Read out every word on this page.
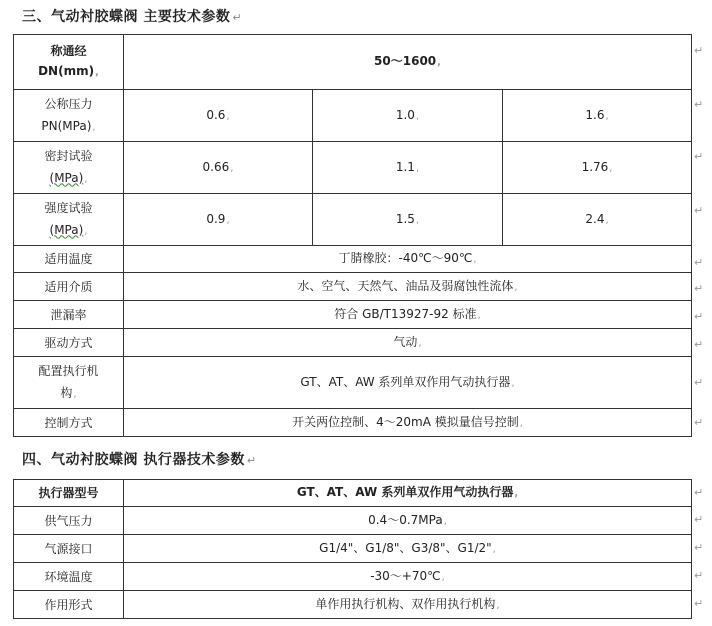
三、气动衬胶蝶阀 主要技术参数 ↵
称通经
DN(mm),	50～1600,		
公称压力
PN(MPa),	0.6,	1.0,	1.6,
密封试验
(MPa),	0.66,	1.1,	1.76,
强度试验
(MPa),	0.9,	1.5,	2.4,
适用温度	丁腈橡胶：-40℃～90℃,		
适用介质	水、空气、天然气、油品及弱腐蚀性流体,		
泄漏率	符合 GB/T13927-92 标准,		
驱动方式	气动,		
配置执行机
构,	GT、AT、AW 系列单双作用气动执行器,		
控制方式	开关两位控制、4～20mA 模拟量信号控制,		
四、气动衬胶蝶阀 执行器技术参数 ↵
执行器型号	GT、AT、AW 系列单双作用气动执行器,
供气压力	0.4～0.7MPa,
气源接口	G1/4"、G1/8"、G3/8"、G1/2",
环境温度	-30～+70℃,
作用形式	单作用执行机构、双作用执行机构,
↵
↵
↵
↵
↵
↵
↵
↵
↵
↵
↵
↵
↵
↵
↵
